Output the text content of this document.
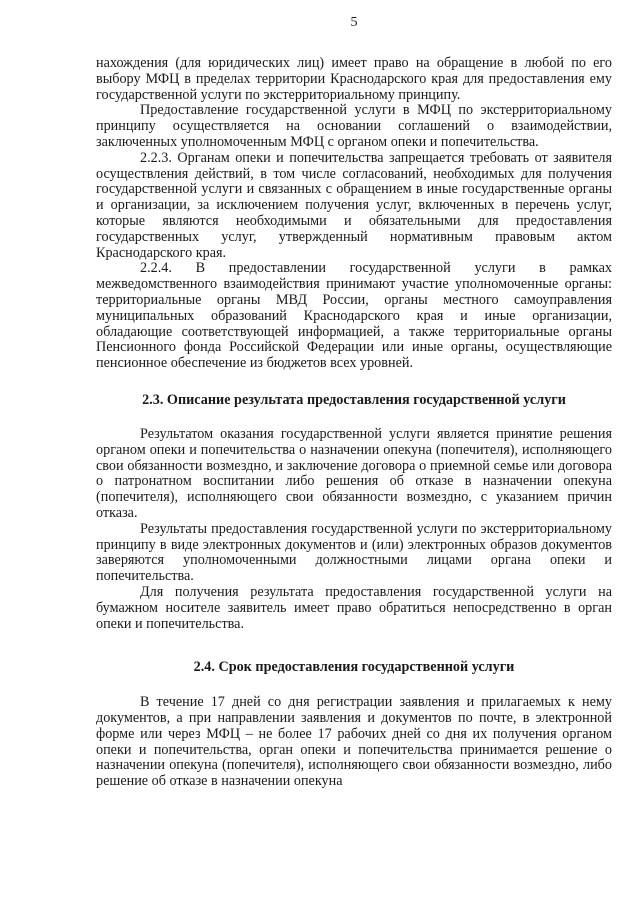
5

нахождения (для юридических лиц) имеет право на обращение в любой по его выбору МФЦ в пределах территории Краснодарского края для предоставления ему государственной услуги по экстерриториальному принципу.

Предоставление государственной услуги в МФЦ по экстерриториальному принципу осуществляется на основании соглашений о взаимодействии, заключенных уполномоченным МФЦ с органом опеки и попечительства.

2.2.3. Органам опеки и попечительства запрещается требовать от заявителя осуществления действий, в том числе согласований, необходимых для получения государственной услуги и связанных с обращением в иные государственные органы и организации, за исключением получения услуг, включенных в перечень услуг, которые являются необходимыми и обязательными для предоставления государственных услуг, утвержденный нормативным правовым актом Краснодарского края.

2.2.4. В предоставлении государственной услуги в рамках межведомственного взаимодействия принимают участие уполномоченные органы: территориальные органы МВД России, органы местного самоуправления муниципальных образований Краснодарского края и иные организации, обладающие соответствующей информацией, а также территориальные органы Пенсионного фонда Российской Федерации или иные органы, осуществляющие пенсионное обеспечение из бюджетов всех уровней.

2.3. Описание результата предоставления государственной услуги

Результатом оказания государственной услуги является принятие решения органом опеки и попечительства о назначении опекуна (попечителя), исполняющего свои обязанности возмездно, и заключение договора о приемной семье или договора о патронатном воспитании либо решения об отказе в назначении опекуна (попечителя), исполняющего свои обязанности возмездно, с указанием причин отказа.

Результаты предоставления государственной услуги по экстерриториальному принципу в виде электронных документов и (или) электронных образов документов заверяются уполномоченными должностными лицами органа опеки и попечительства.

Для получения результата предоставления государственной услуги на бумажном носителе заявитель имеет право обратиться непосредственно в орган опеки и попечительства.

2.4. Срок предоставления государственной услуги

В течение 17 дней со дня регистрации заявления и прилагаемых к нему документов, а при направлении заявления и документов по почте, в электронной форме или через МФЦ – не более 17 рабочих дней со дня их получения органом опеки и попечительства, орган опеки и попечительства принимается решение о назначении опекуна (попечителя), исполняющего свои обязанности возмездно, либо решение об отказе в назначении опекуна
